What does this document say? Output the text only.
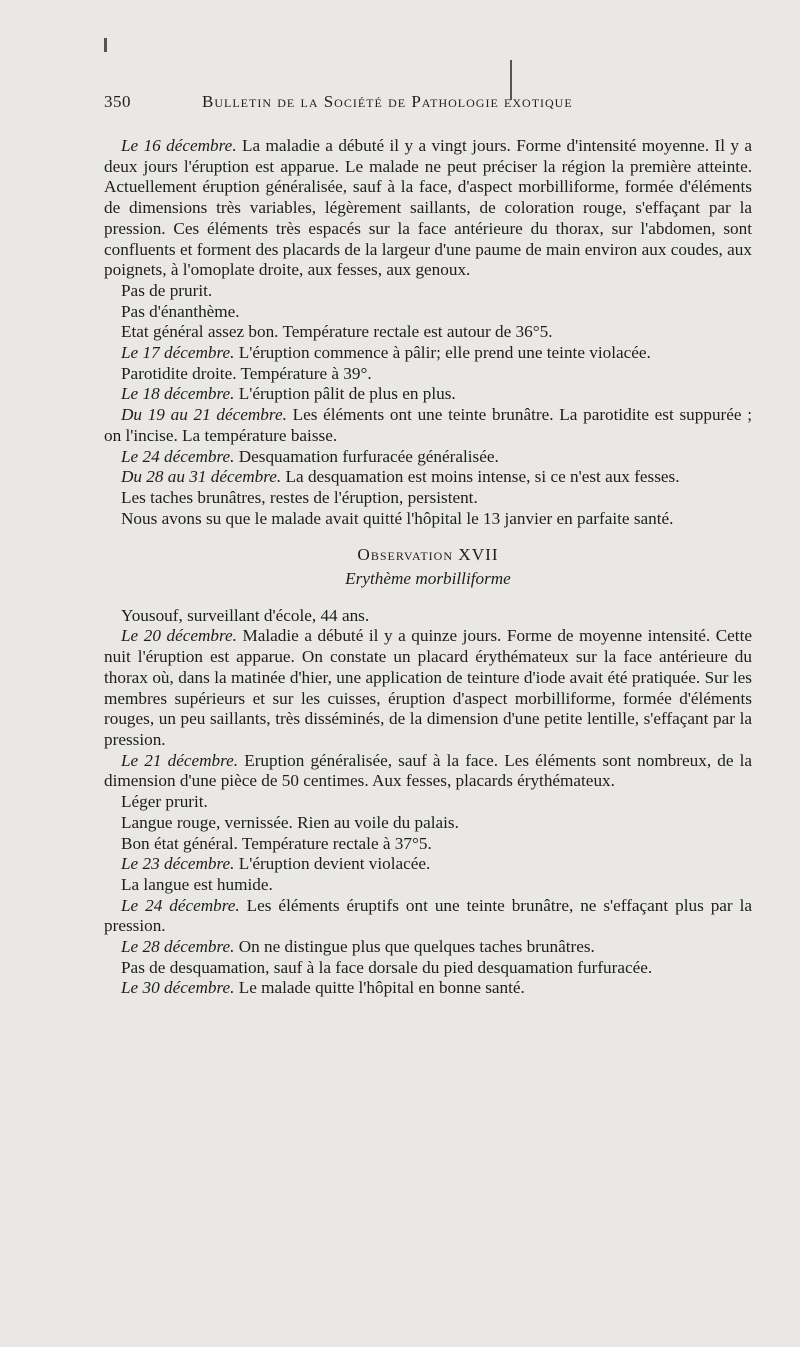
350	Bulletin de la Société de Pathologie exotique

Le 16 décembre. La maladie a débuté il y a vingt jours. Forme d'intensité moyenne. Il y a deux jours l'éruption est apparue. Le malade ne peut préciser la région la première atteinte. Actuellement éruption généralisée, sauf à la face, d'aspect morbilliforme, formée d'éléments de dimensions très variables, légèrement saillants, de coloration rouge, s'effaçant par la pression. Ces éléments très espacés sur la face antérieure du thorax, sur l'abdomen, sont confluents et forment des placards de la largeur d'une paume de main environ aux coudes, aux poignets, à l'omoplate droite, aux fesses, aux genoux.

Pas de prurit.

Pas d'énanthème.

Etat général assez bon. Température rectale est autour de 36°5.

Le 17 décembre. L'éruption commence à pâlir; elle prend une teinte violacée.

Parotidite droite. Température à 39°.

Le 18 décembre. L'éruption pâlit de plus en plus.

Du 19 au 21 décembre. Les éléments ont une teinte brunâtre. La parotidite est suppurée ; on l'incise. La température baisse.

Le 24 décembre. Desquamation furfuracée généralisée.

Du 28 au 31 décembre. La desquamation est moins intense, si ce n'est aux fesses.

Les taches brunâtres, restes de l'éruption, persistent.

Nous avons su que le malade avait quitté l'hôpital le 13 janvier en parfaite santé.

Observation XVII

Erythème morbilliforme

Yousouf, surveillant d'école, 44 ans.

Le 20 décembre. Maladie a débuté il y a quinze jours. Forme de moyenne intensité. Cette nuit l'éruption est apparue. On constate un placard érythémateux sur la face antérieure du thorax où, dans la matinée d'hier, une application de teinture d'iode avait été pratiquée. Sur les membres supérieurs et sur les cuisses, éruption d'aspect morbilliforme, formée d'éléments rouges, un peu saillants, très disséminés, de la dimension d'une petite lentille, s'effaçant par la pression.

Le 21 décembre. Eruption généralisée, sauf à la face. Les éléments sont nombreux, de la dimension d'une pièce de 50 centimes. Aux fesses, placards érythémateux.

Léger prurit.

Langue rouge, vernissée. Rien au voile du palais.

Bon état général. Température rectale à 37°5.

Le 23 décembre. L'éruption devient violacée.

La langue est humide.

Le 24 décembre. Les éléments éruptifs ont une teinte brunâtre, ne s'effaçant plus par la pression.

Le 28 décembre. On ne distingue plus que quelques taches brunâtres.

Pas de desquamation, sauf à la face dorsale du pied desquamation furfuracée.

Le 30 décembre. Le malade quitte l'hôpital en bonne santé.
